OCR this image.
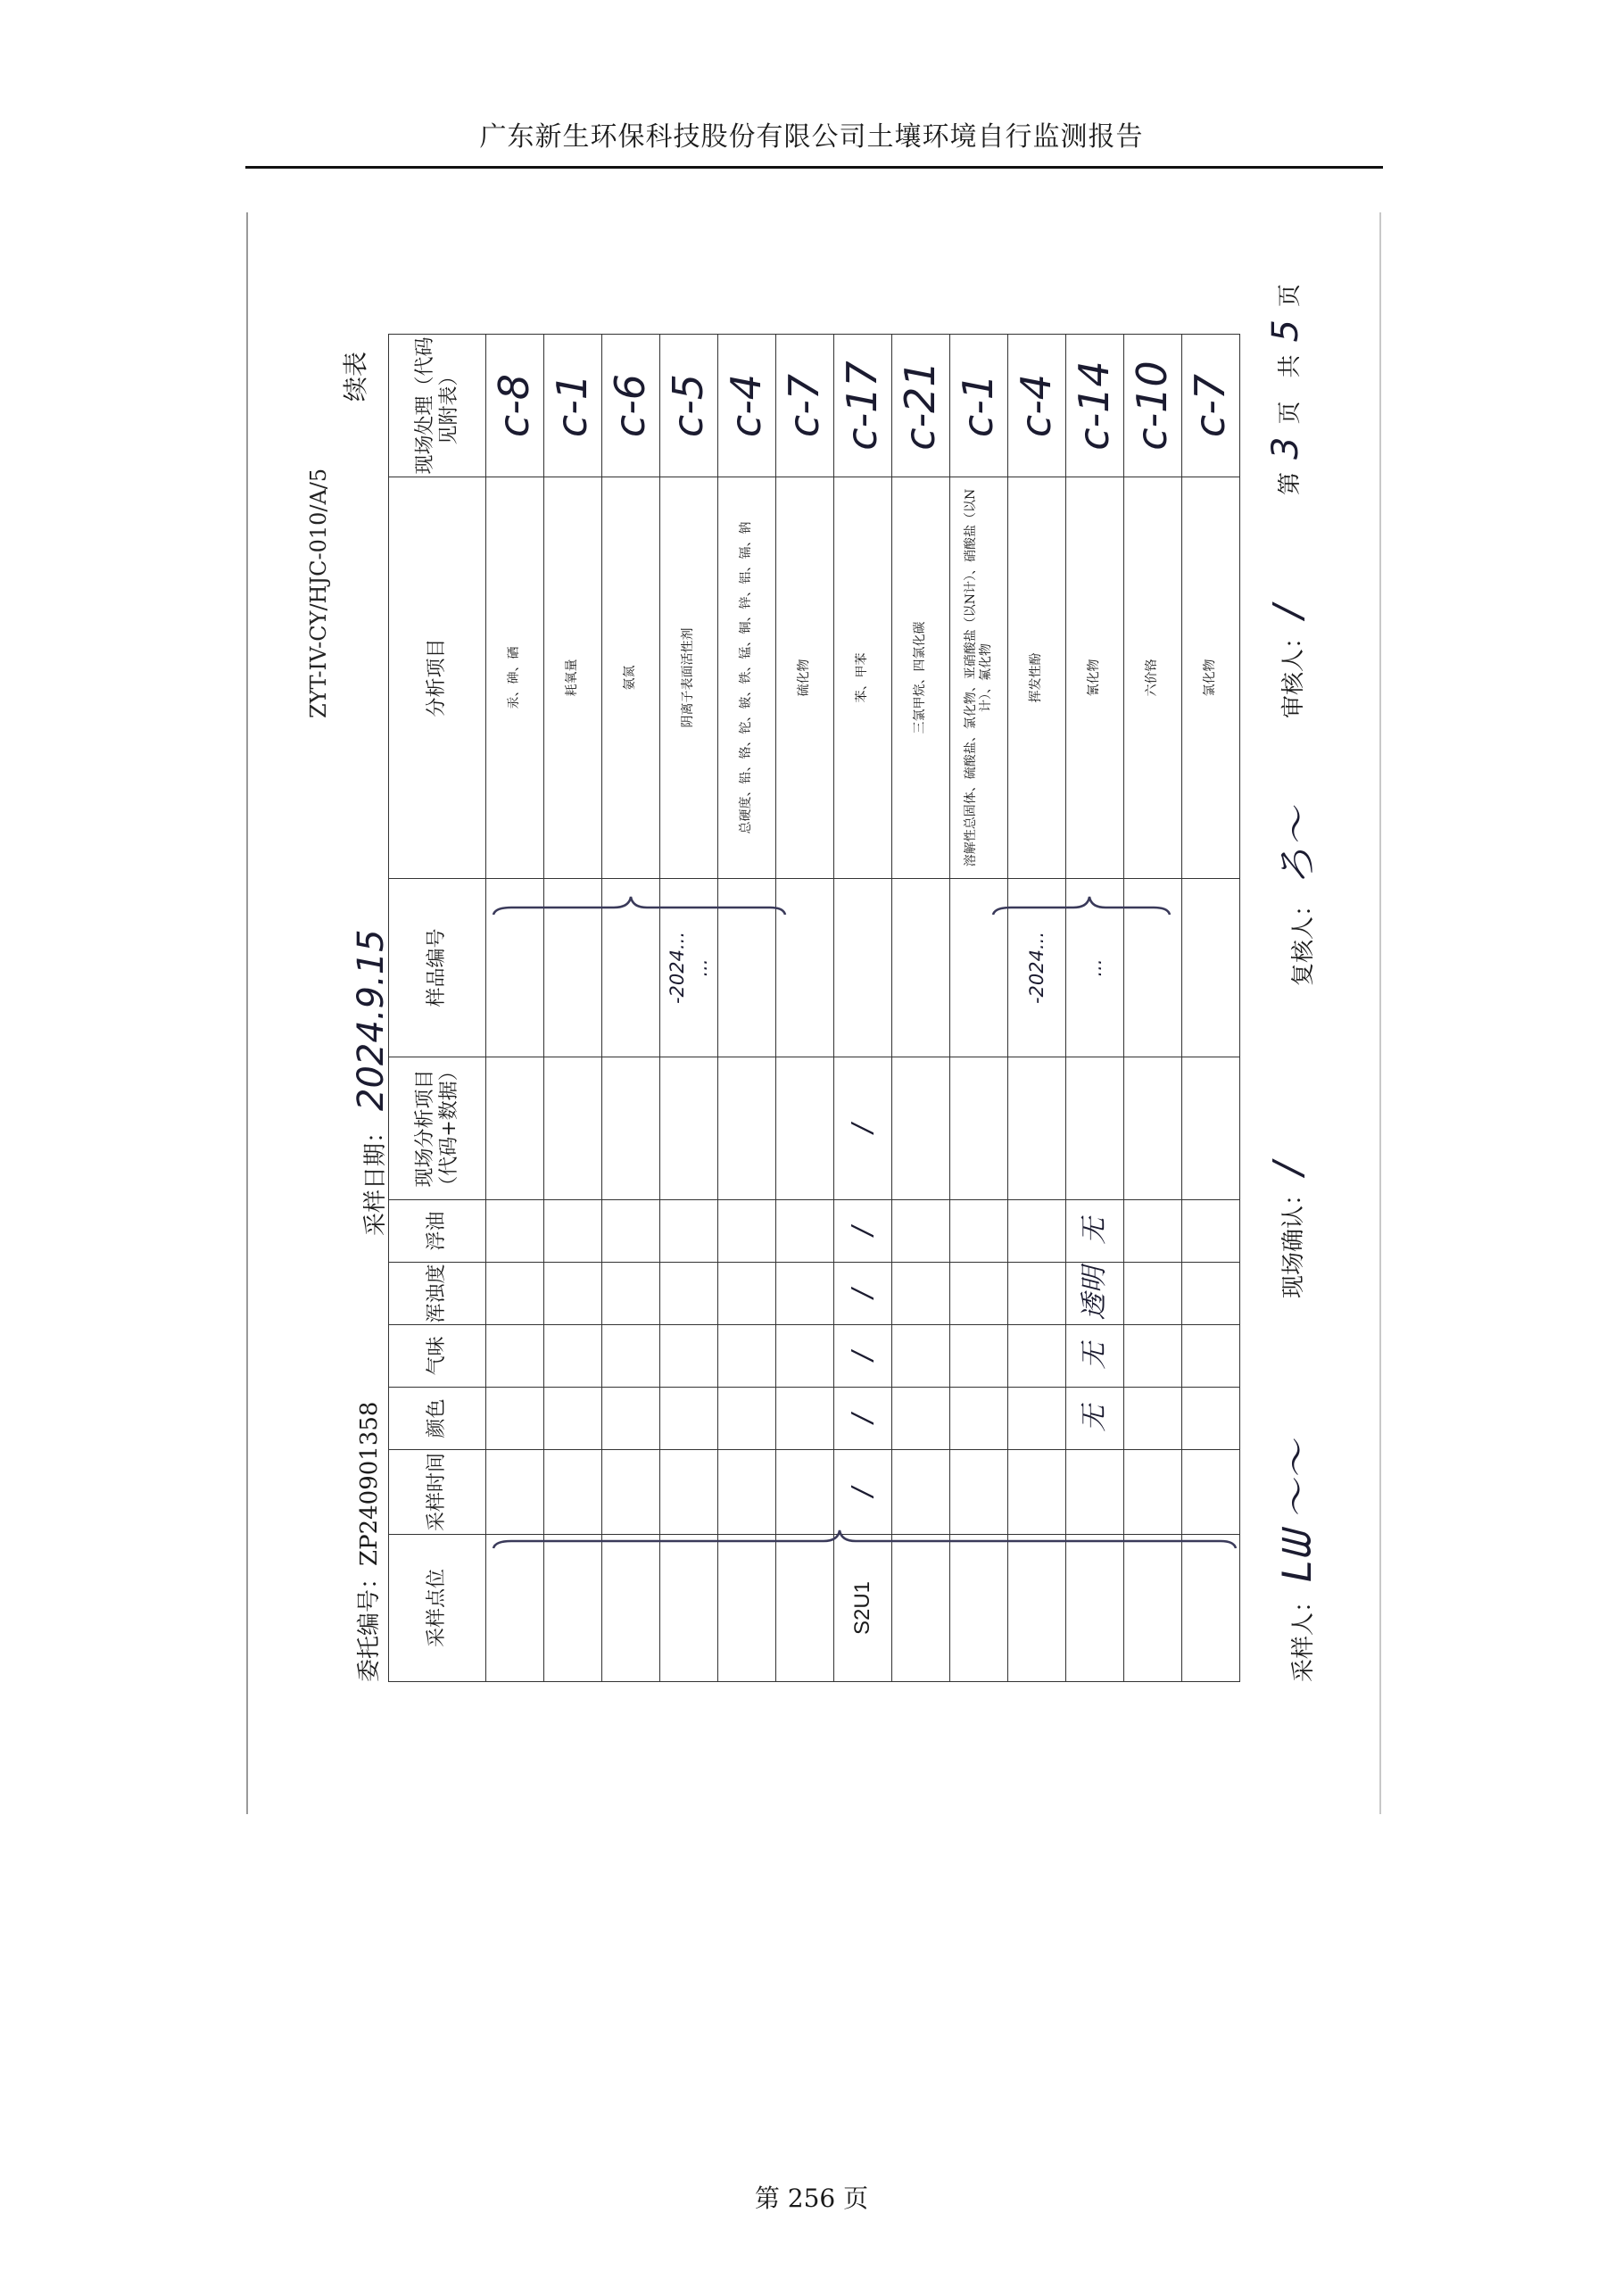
广东新生环保科技股份有限公司土壤环境自行监测报告
ZYT-IV-CY/HJC-010/A/5
续表
委托编号：ZP240901358
采样日期：2024.9.15
采样点位	采样时间	颜色	气味	浑浊度	浮油	现场分析项目（代码+数据）	样品编号	分析项目	现场处理（代码见附表）
								汞、砷、硒	c-8
								耗氧量	c-1
								氨氮	c-6
							-2024... ...	阴离子表面活性剂	c-5
								总硬度、铅、铬、铊、铍、铁、锰、铜、锌、铝、镉、钠	c-4
								硫化物	c-7
S2U1	/	/	/	/	/	/		苯、甲苯	c-17
								三氯甲烷、四氯化碳	c-21
								溶解性总固体、硫酸盐、氯化物、亚硝酸盐（以N计）、硝酸盐（以N计）、氟化物	c-1
							-2024...	挥发性酚	c-4
		无	无	透明	无		...	氰化物	c-14
								六价铬	c-10
								氯化物	c-7
采样人：ᒪᗯ ～～
现场确认：/
复核人：ろ～
审核人：/
第3页　共5页
第 256 页
